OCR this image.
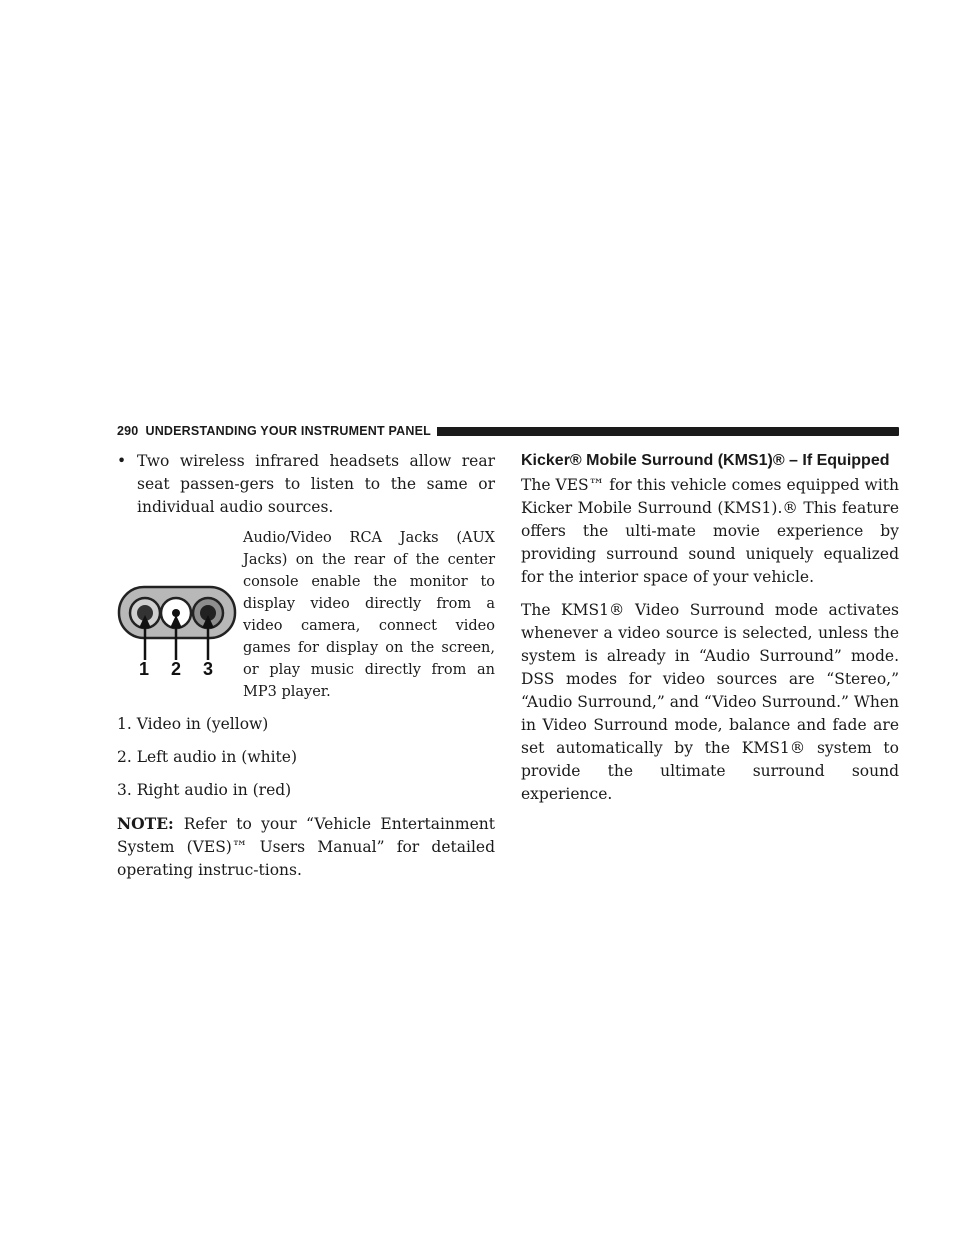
290 UNDERSTANDING YOUR INSTRUMENT PANEL
• Two wireless infrared headsets allow rear seat passen-gers to listen to the same or individual audio sources.
1 2 3
Audio/Video RCA Jacks (AUX Jacks) on the rear of the center console enable the monitor to display video directly from a video camera, connect video games for display on the screen, or play music directly from an MP3 player.
1. Video in (yellow)
2. Left audio in (white)
3. Right audio in (red)
NOTE: Refer to your “Vehicle Entertainment System (VES)™ Users Manual” for detailed operating instruc-tions.
Kicker® Mobile Surround (KMS1)® – If Equipped
The VES™ for this vehicle comes equipped with Kicker Mobile Surround (KMS1).® This feature offers the ulti-mate movie experience by providing surround sound uniquely equalized for the interior space of your vehicle.
The KMS1® Video Surround mode activates whenever a video source is selected, unless the system is already in “Audio Surround” mode. DSS modes for video sources are “Stereo,” “Audio Surround,” and “Video Surround.” When in Video Surround mode, balance and fade are set automatically by the KMS1® system to provide the ultimate surround sound experience.
